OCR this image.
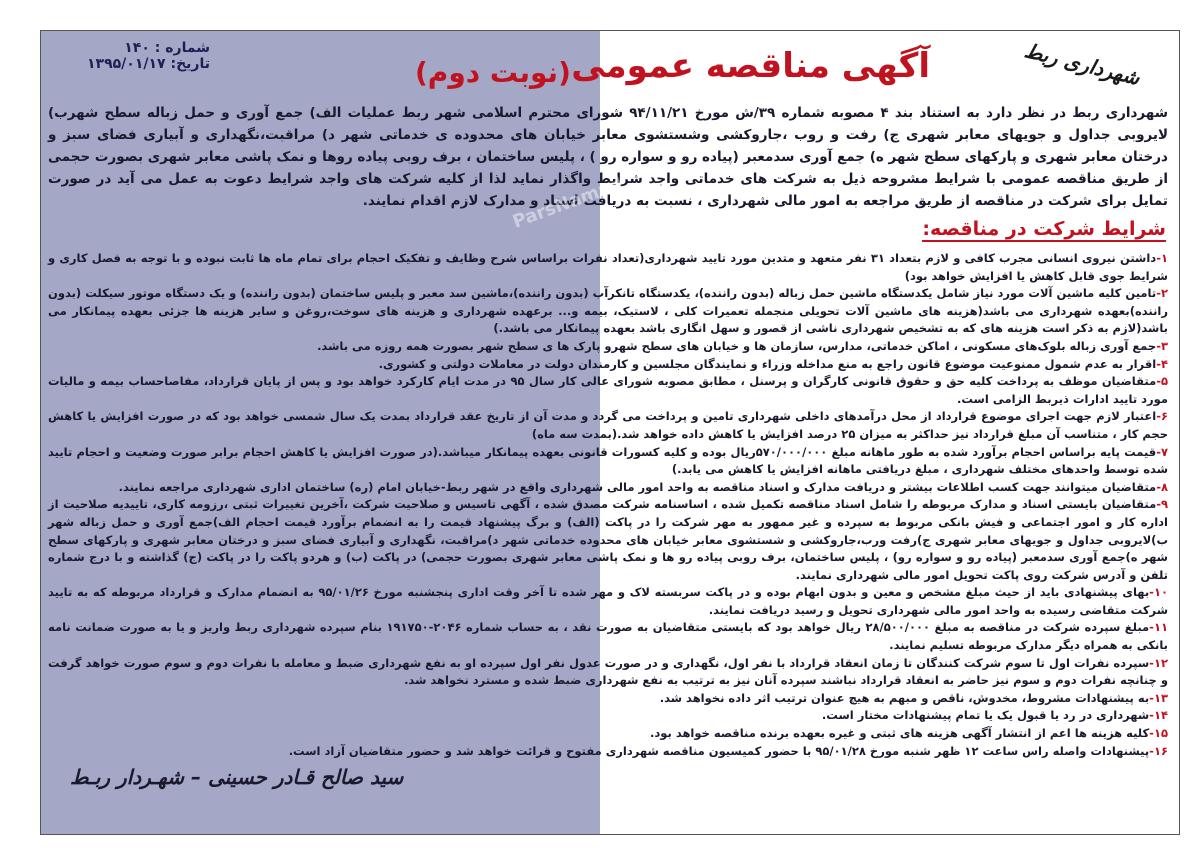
شماره : ۱۴۰
تاریخ: ۱۳۹۵/۰۱/۱۷	(نوبت دوم) آگهی مناقصه عمومی	شهرداری ربط
شهرداری ربط در نظر دارد به استناد بند ۴ مصوبه شماره ۳۹/ش مورخ ۹۴/۱۱/۲۱ شورای محترم اسلامی شهر ربط عملیات الف) جمع آوری و حمل زباله سطح شهرب) لایروبی جداول و جویهای معابر شهری ج) رفت و روب ،جاروکشی وشستشوی معابر خیابان های محدوده ی خدماتی شهر د) مراقبت،نگهداری و آبیاری فضای سبز و درختان معابر شهری و پارکهای سطح شهر ه) جمع آوری سدمعبر (پیاده رو و سواره رو ) ، پلیس ساختمان ، برف روبی پیاده روها و نمک پاشی معابر شهری بصورت حجمی از طریق مناقصه عمومی با شرایط مشروحه ذیل به شرکت های خدماتی واجد شرایط واگذار نماید لذا از کلیه شرکت های واجد شرایط دعوت به عمل می آید در صورت تمایل برای شرکت در مناقصه از طریق مراجعه به امور مالی شهرداری ، نسبت به دریافت اسناد و مدارک لازم اقدام نمایند.
شرایط شرکت در مناقصه:

۱-داشتن نیروی انسانی مجرب کافی و لازم بتعداد ۳۱ نفر متعهد و متدین مورد تایید شهرداری(تعداد نفرات براساس شرح وظایف و تفکیک احجام برای تمام ماه ها ثابت نبوده و با توجه به فصل کاری و شرایط جوی قابل کاهش یا افزایش خواهد بود)

۲-تامین کلیه ماشین آلات مورد نیاز شامل یکدستگاه ماشین حمل زباله (بدون راننده)، یکدستگاه تانکرآب (بدون راننده)،ماشین سد معبر و پلیس ساختمان (بدون راننده) و یک دستگاه موتور سیکلت (بدون راننده)بعهده شهرداری می باشد(هزینه های ماشین آلات تحویلی منجمله تعمیرات کلی ، لاستیک، بیمه و... برعهده شهرداری و هزینه های سوخت،روغن و سایر هزینه ها جزئی بعهده پیمانکار می باشد(لازم به ذکر است هزینه های که به تشخیص شهرداری ناشی از قصور و سهل انگاری باشد بعهده پیمانکار می باشد.)

۳-جمع آوری زباله بلوک‌های مسکونی ، اماکن خدماتی، مدارس، سازمان ها و خیابان های سطح شهرو پارک ها ی سطح شهر بصورت همه روزه می باشد.

۴-اقرار به عدم شمول ممنوعیت موضوع قانون راجع به منع مداخله وزراء و نمایندگان مجلسین و کارمندان دولت در معاملات دولتی و کشوری.

۵-متقاضیان موظف به پرداخت کلیه حق و حقوق قانونی کارگران و پرسنل ، مطابق مصوبه شورای عالی کار سال ۹۵ در مدت ایام کارکرد خواهد بود و پس از پایان قرارداد، مفاصاحساب بیمه و مالیات مورد تایید ادارات ذیربط الزامی است.

۶-اعتبار لازم جهت اجرای موضوع قرارداد از محل درآمدهای داخلی شهرداری تامین و پرداخت می گردد و مدت آن از تاریخ عقد قرارداد بمدت یک سال شمسی خواهد بود که در صورت افزایش یا کاهش حجم کار ، متناسب آن مبلغ قرارداد نیز حداکثر به میزان ۲۵ درصد افزایش یا کاهش داده خواهد شد.(بمدت سه ماه)

۷-قیمت پایه براساس احجام برآورد شده به طور ماهانه مبلغ ۵۷۰/۰۰۰/۰۰۰ریال بوده و کلیه کسورات قانونی بعهده پیمانکار میباشد.(در صورت افزایش یا کاهش احجام برابر صورت وضعیت و احجام تایید شده توسط واحدهای مختلف شهرداری ، مبلغ دریافتی ماهانه افزایش یا کاهش می یابد.)

۸-متقاضیان میتوانند جهت کسب اطلاعات بیشتر و دریافت مدارک و اسناد مناقصه به واحد امور مالی شهرداری واقع در شهر ربط-خیابان امام (ره) ساختمان اداری شهرداری مراجعه نمایند.

۹-متقاضیان بایستی اسناد و مدارک مربوطه را شامل اسناد مناقصه تکمیل شده ، اساسنامه شرکت مصدق شده ، آگهی تاسیس و صلاحیت شرکت ،آخرین تغییرات ثبتی ،رزومه کاری، تاییدیه صلاحیت از اداره کار و امور اجتماعی و فیش بانکی مربوط به سپرده و غیر ممهور به مهر شرکت را در پاکت (الف) و برگ پیشنهاد قیمت را به انضمام برآورد قیمت احجام الف)جمع آوری و حمل زباله شهر ب)لایروبی جداول و جویهای معابر شهری ج)رفت ورب،جاروکشی و شستشوی معابر خیابان های محدوده خدماتی شهر د)مراقبت، نگهداری و آبیاری فضای سبز و درختان معابر شهری و پارکهای سطح شهر ه)جمع آوری سدمعبر (پیاده رو و سواره رو) ، پلیس ساختمان، برف روبی پیاده رو ها و نمک پاشی معابر شهری بصورت حجمی) در پاکت (ب) و هردو پاکت را در پاکت (ج) گذاشته و با درج شماره تلفن و آدرس شرکت روی پاکت تحویل امور مالی شهرداری نمایند.

۱۰-بهای پیشنهادی باید از حیث مبلغ مشخص و معین و بدون ابهام بوده و در پاکت سربسته لاک و مهر شده تا آخر وقت اداری پنجشنبه مورخ ۹۵/۰۱/۲۶ به انضمام مدارک و قرارداد مربوطه که به تایید شرکت متقاضی رسیده به واحد امور مالی شهرداری تحویل و رسید دریافت نمایند.

۱۱-مبلغ سپرده شرکت در مناقصه به مبلغ ۲۸/۵۰۰/۰۰۰ ریال خواهد بود که بایستی متقاضیان به صورت نقد ، به حساب شماره ۲۰۴۶-۱۹۱۷۵۰ بنام سپرده شهرداری ربط واریز و یا به صورت ضمانت نامه بانکی به همراه دیگر مدارک مربوطه تسلیم نمایند.

۱۲-سپرده نفرات اول تا سوم شرکت کنندگان تا زمان انعقاد قرارداد با نفر اول، نگهداری و در صورت عدول نفر اول سپرده او به نفع شهرداری ضبط و معامله با نفرات دوم و سوم صورت خواهد گرفت و چنانچه نفرات دوم و سوم نیز حاضر به انعقاد قرارداد نباشند سپرده آنان نیز به ترتیب به نفع شهرداری ضبط شده و مسترد نخواهد شد.

۱۳-به پیشنهادات مشروط، مخدوش، ناقص و مبهم به هیچ عنوان ترتیب اثر داده نخواهد شد.

۱۴-شهرداری در رد یا قبول یک یا تمام پیشنهادات مختار است.

۱۵-کلیه هزینه ها اعم از انتشار آگهی هزینه های ثبتی و غیره بعهده برنده مناقصه خواهد بود.

۱۶-پیشنهادات واصله راس ساعت ۱۲ ظهر شنبه مورخ ۹۵/۰۱/۲۸ با حضور کمیسیون مناقصه شهرداری مفتوح و قرائت خواهد شد و حضور متقاضیان آزاد است.

ParsNamad
سید صالح قـادر حسینی – شهـردار ربـط
